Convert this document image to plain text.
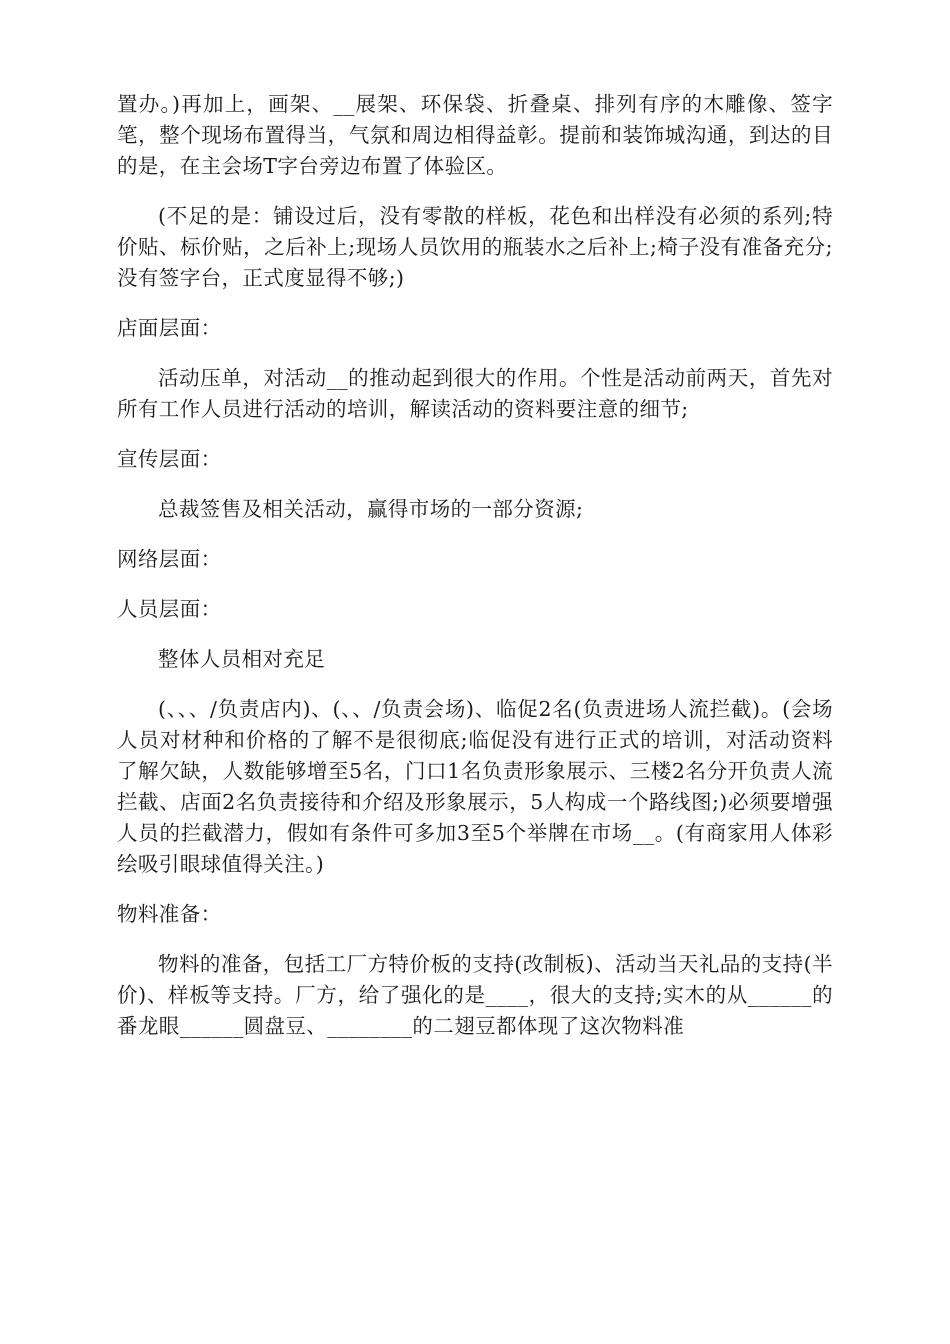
置办。)再加上，画架、__展架、环保袋、折叠桌、排列有序的木雕像、签字笔，整个现场布置得当，气氛和周边相得益彰。提前和装饰城沟通，到达的目的是，在主会场T字台旁边布置了体验区。

(不足的是：铺设过后，没有零散的样板，花色和出样没有必须的系列;特价贴、标价贴，之后补上;现场人员饮用的瓶装水之后补上;椅子没有准备充分;没有签字台，正式度显得不够;)

店面层面：

活动压单，对活动__的推动起到很大的作用。个性是活动前两天，首先对所有工作人员进行活动的培训，解读活动的资料要注意的细节;

宣传层面：

总裁签售及相关活动，赢得市场的一部分资源;

网络层面：

人员层面：

整体人员相对充足

(、、、/负责店内)、(、、/负责会场)、临促2名(负责进场人流拦截)。(会场人员对材种和价格的了解不是很彻底;临促没有进行正式的培训，对活动资料了解欠缺，人数能够增至5名，门口1名负责形象展示、三楼2名分开负责人流拦截、店面2名负责接待和介绍及形象展示，5人构成一个路线图;)必须要增强人员的拦截潜力，假如有条件可多加3至5个举牌在市场__。(有商家用人体彩绘吸引眼球值得关注。)

物料准备：

物料的准备，包括工厂方特价板的支持(改制板)、活动当天礼品的支持(半价)、样板等支持。厂方，给了强化的是____，很大的支持;实木的从______的番龙眼______圆盘豆、________的二翅豆都体现了这次物料准
